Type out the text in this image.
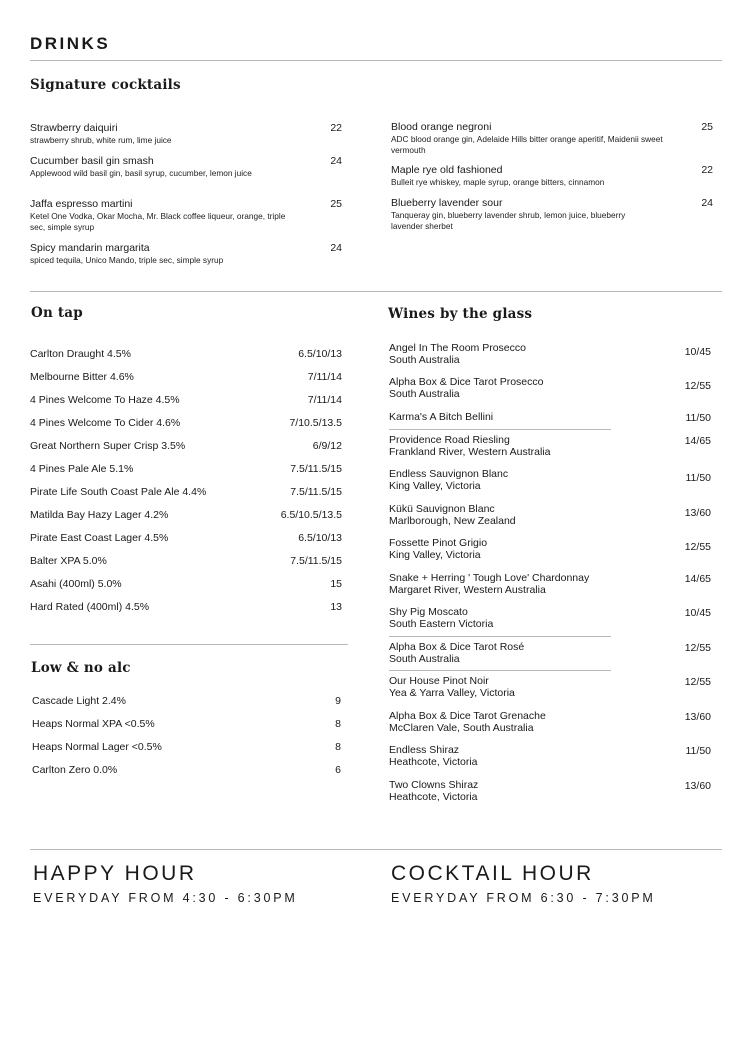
DRINKS
Signature cocktails
Strawberry daiquiri
strawberry shrub, white rum, lime juice
22
Cucumber basil gin smash
Applewood wild basil gin, basil syrup, cucumber, lemon juice
24
Jaffa espresso martini
Ketel One Vodka, Okar Mocha, Mr. Black coffee liqueur, orange, triple sec, simple syrup
25
Spicy mandarin margarita
spiced tequila, Unico Mando, triple sec, simple syrup
24
Blood orange negroni
ADC blood orange gin, Adelaide Hills bitter orange aperitif, Maidenii sweet vermouth
25
Maple rye old fashioned
Bulleit rye whiskey, maple syrup, orange bitters, cinnamon
22
Blueberry lavender sour
Tanqueray gin, blueberry lavender shrub, lemon juice, blueberry lavender sherbet
24
On tap
Carlton Draught 4.5%	6.5/10/13
Melbourne Bitter 4.6%	7/11/14
4 Pines Welcome To Haze 4.5%	7/11/14
4 Pines Welcome To Cider 4.6%	7/10.5/13.5
Great Northern Super Crisp 3.5%	6/9/12
4 Pines Pale Ale 5.1%	7.5/11.5/15
Pirate Life South Coast Pale Ale 4.4%	7.5/11.5/15
Matilda Bay Hazy Lager 4.2%	6.5/10.5/13.5
Pirate East Coast Lager 4.5%	6.5/10/13
Balter XPA 5.0%	7.5/11.5/15
Asahi (400ml) 5.0%	15
Hard Rated (400ml) 4.5%	13
Low & no alc
Cascade Light 2.4%	9
Heaps Normal XPA <0.5%	8
Heaps Normal Lager <0.5%	8
Carlton Zero 0.0%	6
Wines by the glass
Angel In The Room Prosecco
South Australia
10/45
Alpha Box & Dice Tarot Prosecco
South Australia
12/55
Karma's A Bitch Bellini	11/50
Providence Road Riesling
Frankland River, Western Australia
14/65
Endless Sauvignon Blanc
King Valley, Victoria
11/50
Kükü Sauvignon Blanc
Marlborough, New Zealand
13/60
Fossette Pinot Grigio
King Valley, Victoria
12/55
Snake + Herring ' Tough Love' Chardonnay
Margaret River, Western Australia
14/65
Shy Pig Moscato
South Eastern Victoria
10/45
Alpha Box & Dice Tarot Rosé
South Australia
12/55
Our House Pinot Noir
Yea & Yarra Valley, Victoria
12/55
Alpha Box & Dice Tarot Grenache
McClaren Vale, South Australia
13/60
Endless Shiraz
Heathcote, Victoria
11/50
Two Clowns Shiraz
Heathcote, Victoria
13/60
HAPPY HOUR
EVERYDAY FROM 4:30 - 6:30PM
COCKTAIL HOUR
EVERYDAY FROM 6:30 - 7:30PM
